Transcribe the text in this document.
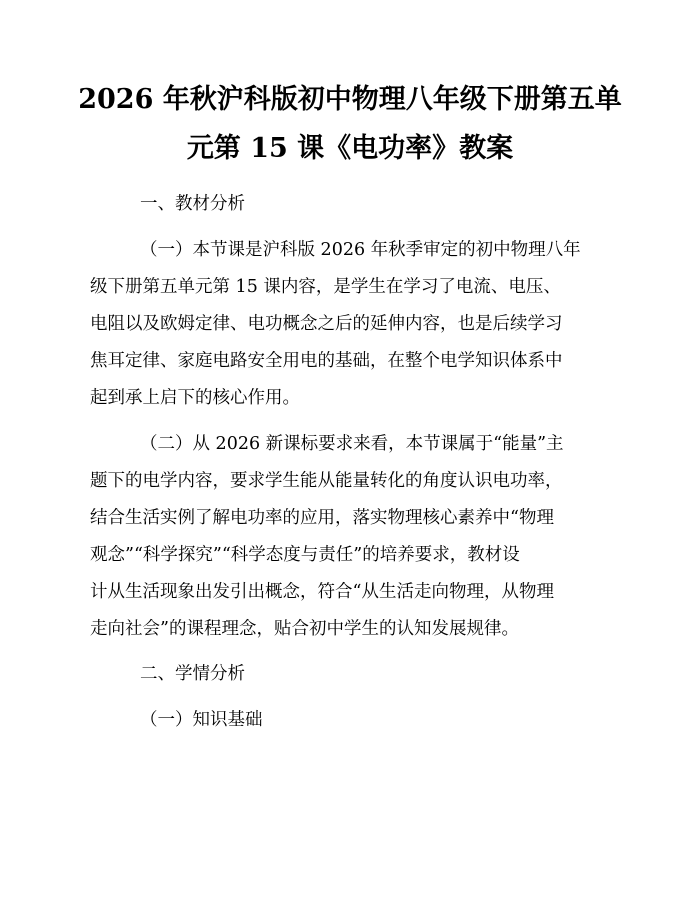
2026 年秋沪科版初中物理八年级下册第五单
元第 15 课《电功率》教案
一、教材分析
（一）本节课是沪科版 2026 年秋季审定的初中物理八年
级下册第五单元第 15 课内容，是学生在学习了电流、电压、
电阻以及欧姆定律、电功概念之后的延伸内容，也是后续学习
焦耳定律、家庭电路安全用电的基础，在整个电学知识体系中
起到承上启下的核心作用。
（二）从 2026 新课标要求来看，本节课属于“能量”主
题下的电学内容，要求学生能从能量转化的角度认识电功率，
结合生活实例了解电功率的应用，落实物理核心素养中“物理
观念”“科学探究”“科学态度与责任”的培养要求，教材设
计从生活现象出发引出概念，符合“从生活走向物理，从物理
走向社会”的课程理念，贴合初中学生的认知发展规律。
二、学情分析
（一）知识基础
